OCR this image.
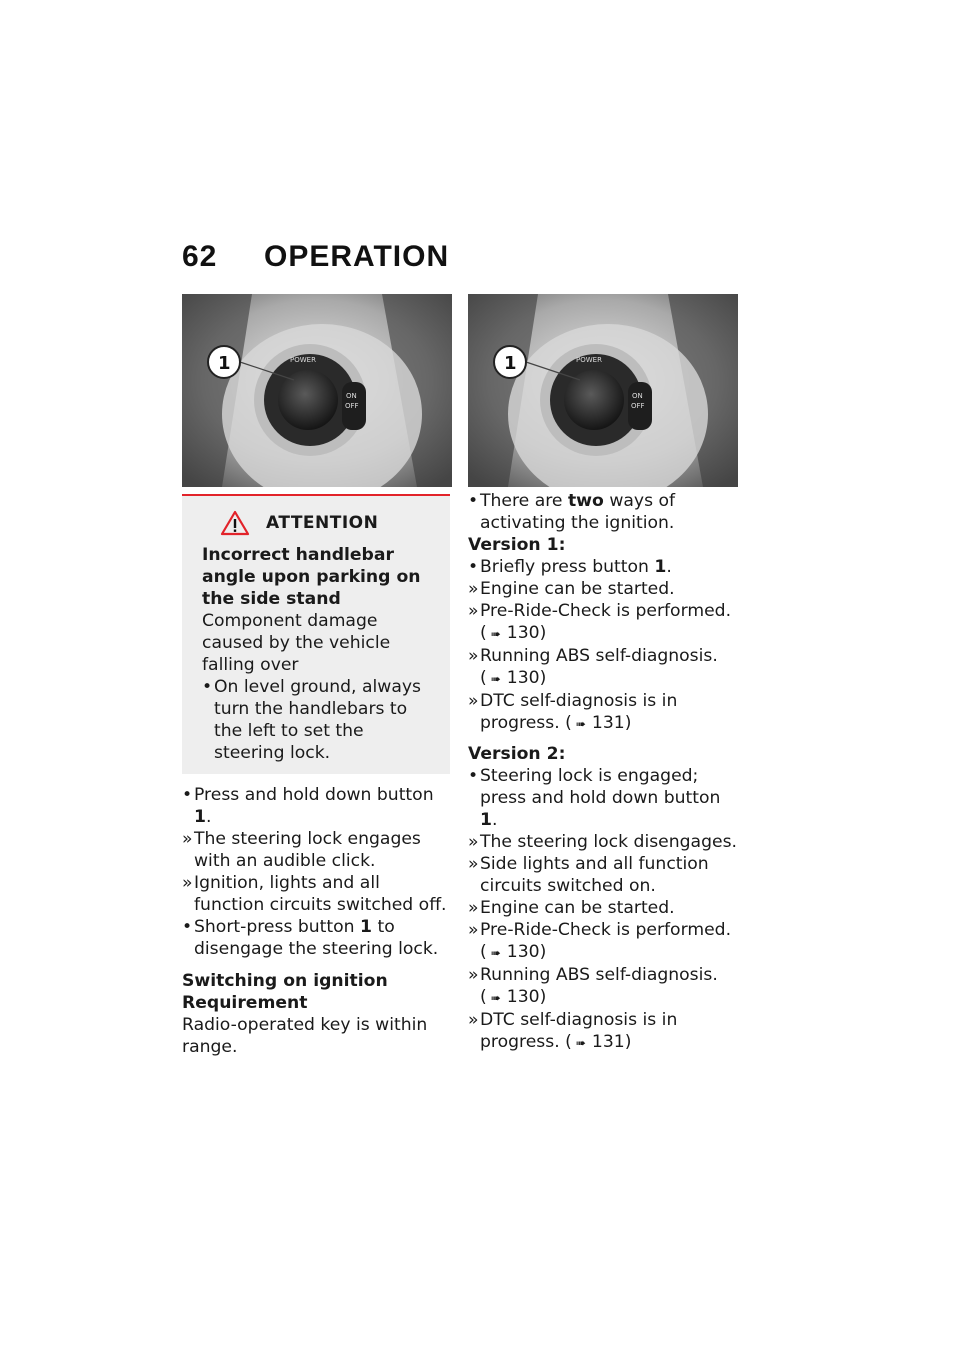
62 OPERATION
POWER
ON
OFF
1	POWER
ON
OFF
1
ATTENTION
Incorrect handlebar angle upon parking on the side stand
Component damage caused by the vehicle falling over
• On level ground, always turn the handlebars to the left to set the steering lock.
• Press and hold down button 1.
» The steering lock engages with an audible click.
» Ignition, lights and all function circuits switched off.
• Short-press button 1 to disengage the steering lock.
Switching on ignition
Requirement
Radio-operated key is within range.
• There are two ways of activating the ignition.
Version 1:
• Briefly press button 1.
» Engine can be started.
» Pre-Ride-Check is performed.
( ➠ 130)
» Running ABS self-diagnosis.
( ➠ 130)
» DTC self-diagnosis is in progress. ( ➠ 131)
Version 2:
• Steering lock is engaged; press and hold down button 1.
» The steering lock disengages.
» Side lights and all function circuits switched on.
» Engine can be started.
» Pre-Ride-Check is performed.
( ➠ 130)
» Running ABS self-diagnosis.
( ➠ 130)
» DTC self-diagnosis is in progress. ( ➠ 131)
